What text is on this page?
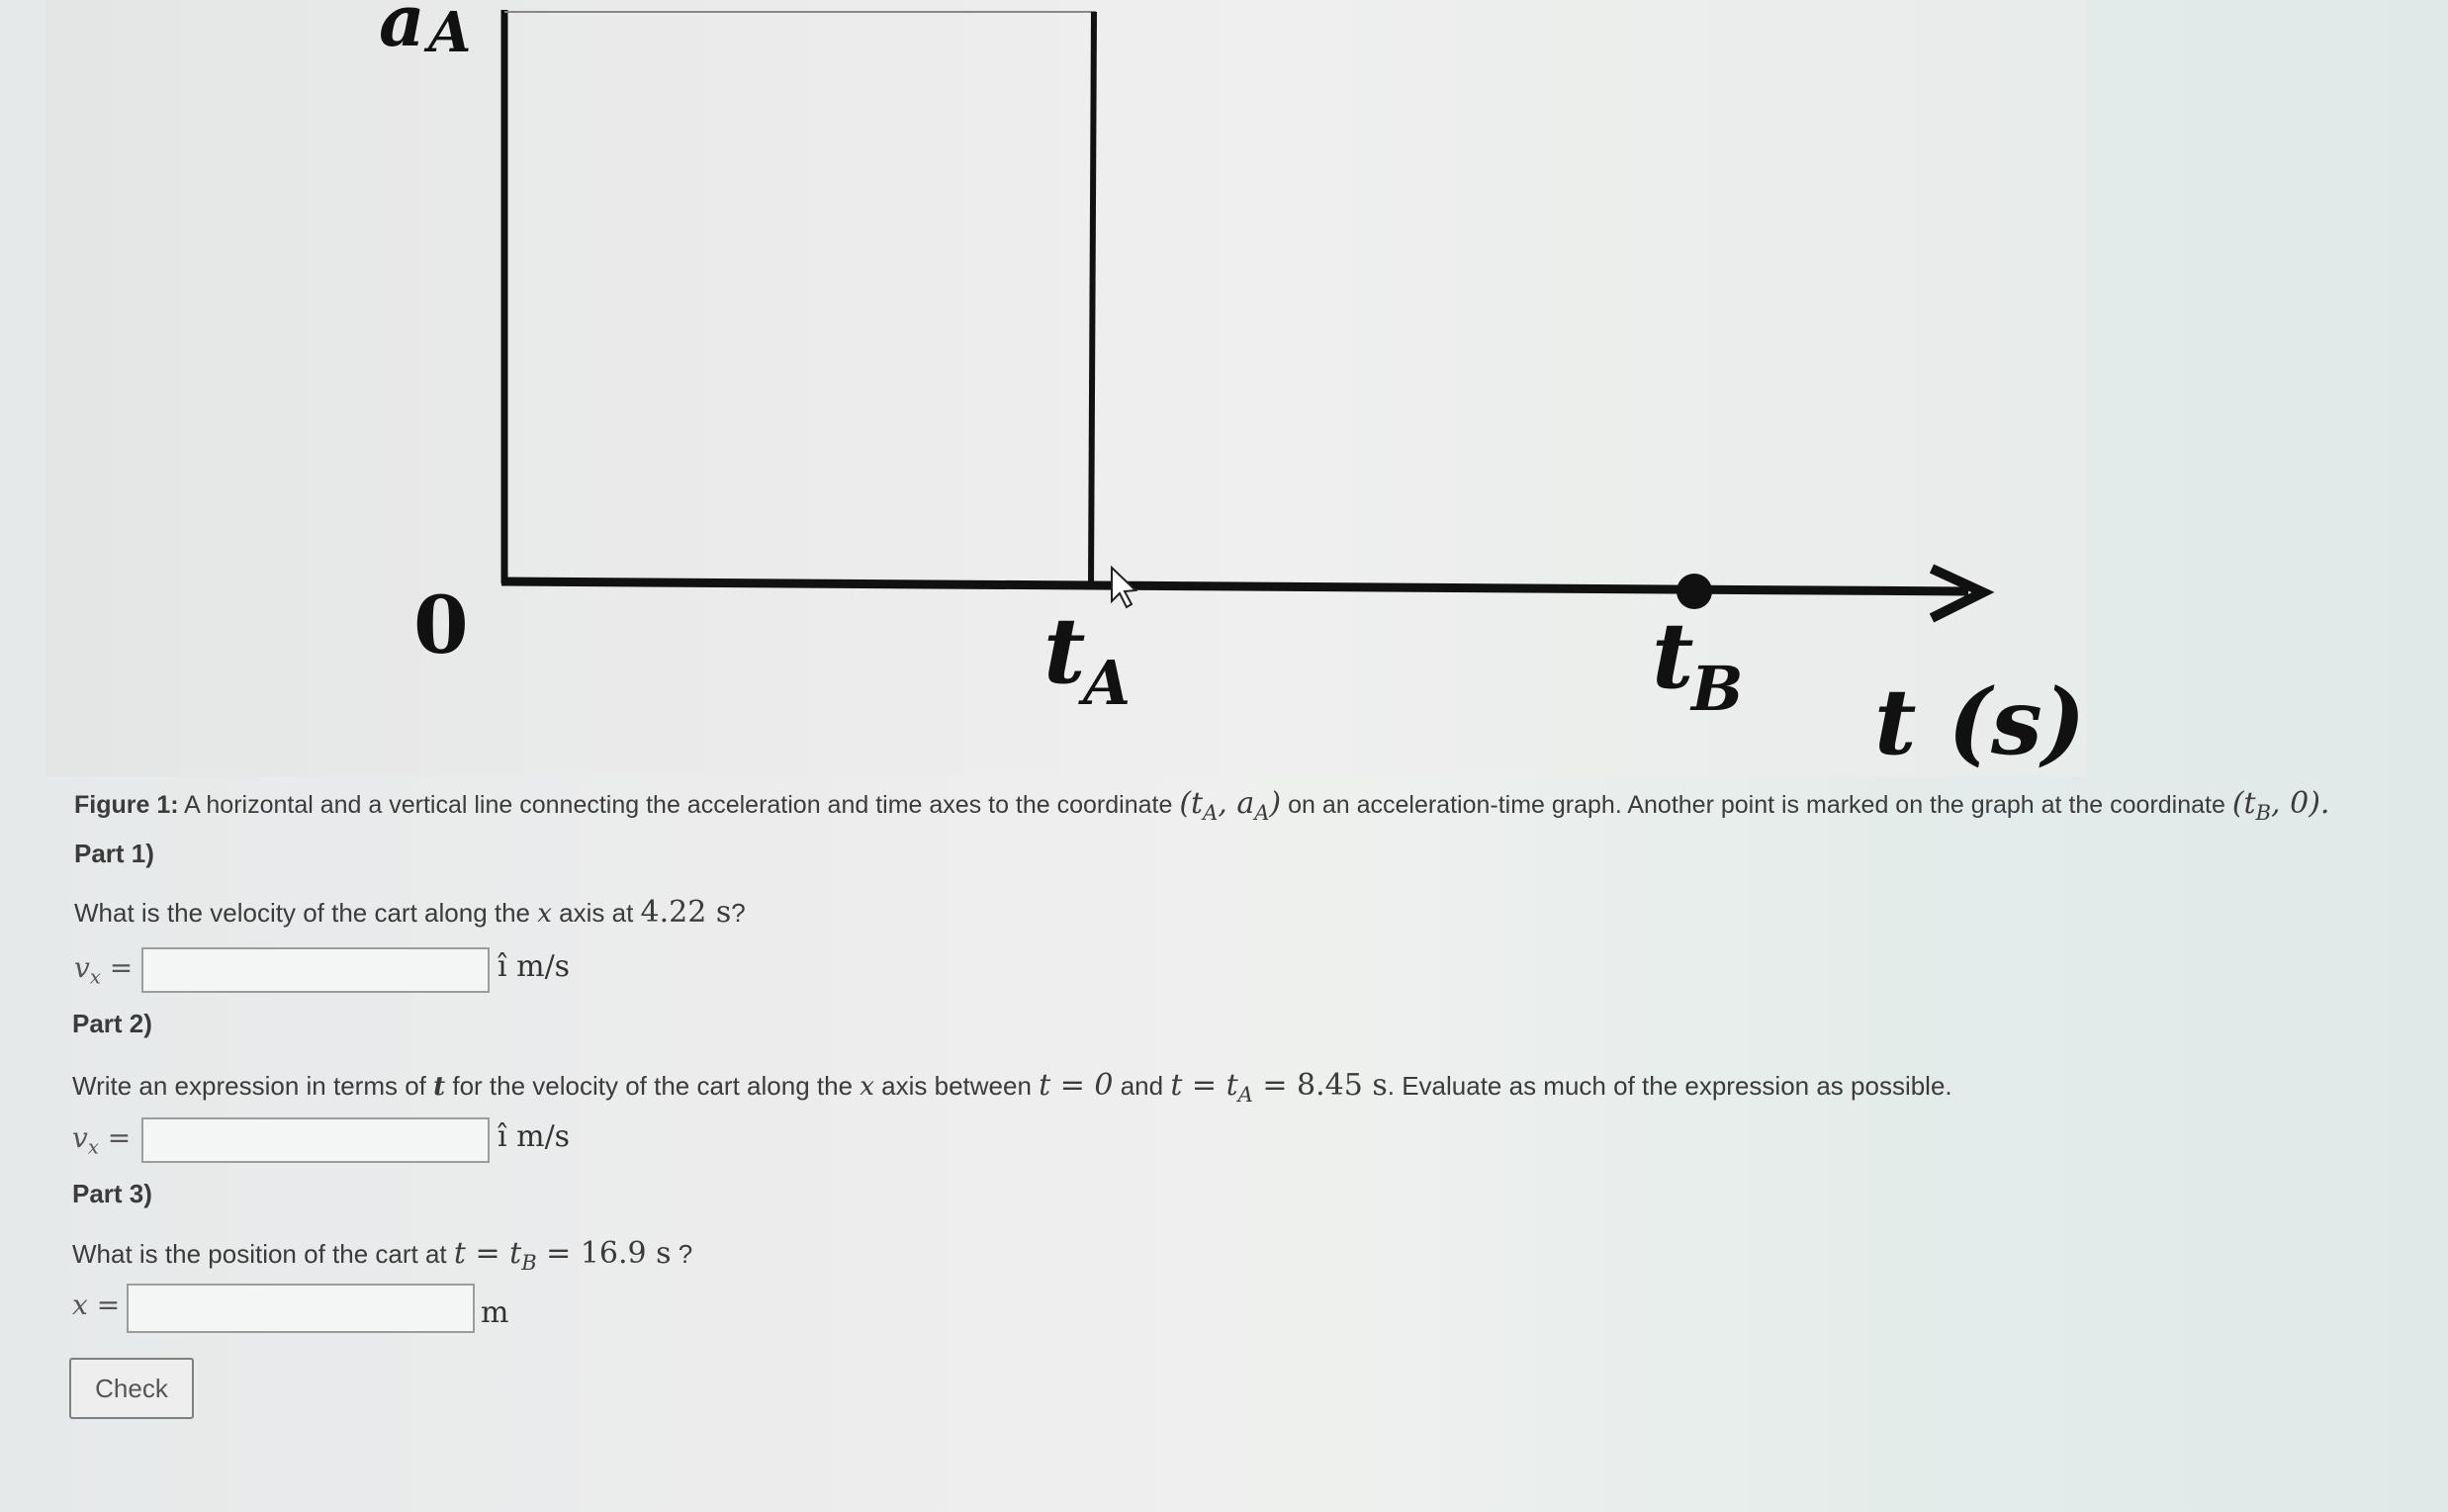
a A
0	t
A	t
B t (s)
Figure 1: A horizontal and a vertical line connecting the acceleration and time axes to the coordinate ($t_A$, $a_A$) on an acceleration-time graph. Another point is marked on the graph at the coordinate ($t_B$, 0).
Part 1)
What is the velocity of the cart along the x axis at 4.22 s?
$v_x$ =	î m/s
Part 2)
Write an expression in terms of t for the velocity of the cart along the x axis between t = 0 and $t = t_A = 8.45$ s. Evaluate as much of the expression as possible.
$v_x$ =	î m/s
Part 3)
What is the position of the cart at $t = t_B = 16.9$ s ?
x =	m
Check
